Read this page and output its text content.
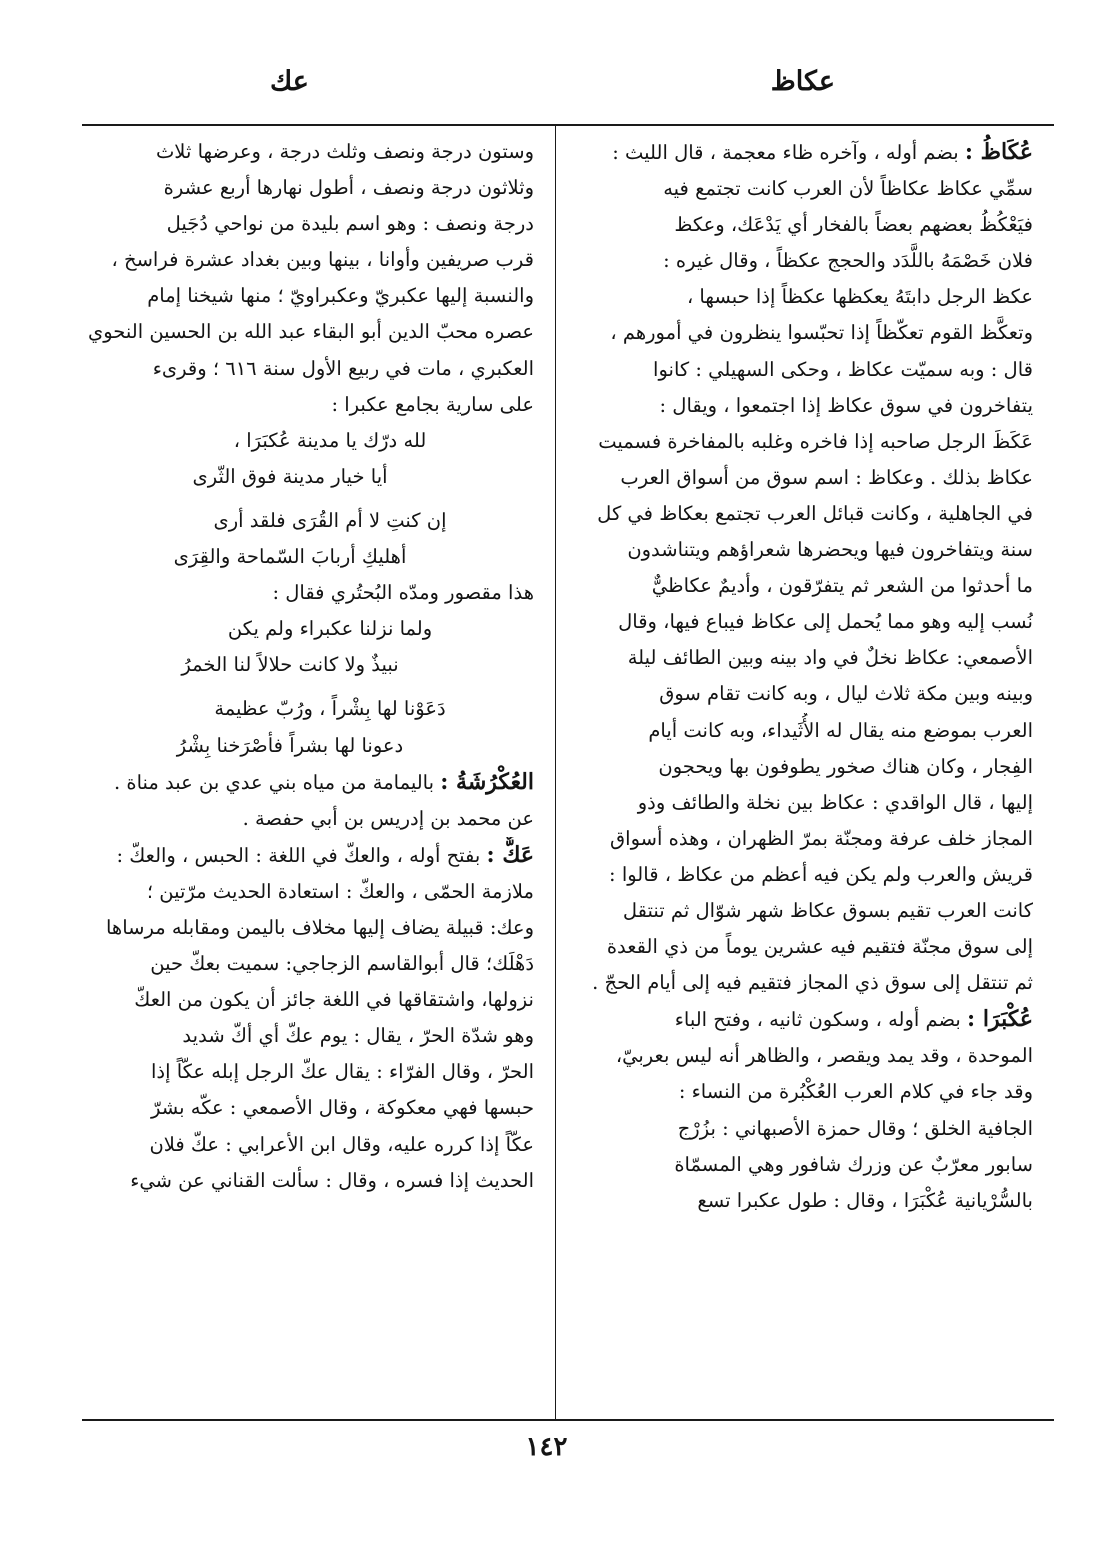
عكاظ
عك
عُكَاظُ : بضم أوله ، وآخره ظاء معجمة ، قال الليث :
سمِّي عكاظ عكاظاً لأن العرب كانت تجتمع فيه
فيَعْكُظُ بعضهم بعضاً بالفخار أي يَدْعَك، وعكظ
فلان خَصْمَهُ باللَّدَد والحجج عكظاً ، وقال غيره :
عكظ الرجل دابتَهُ يعكظها عكظاً إذا حبسها ،
وتعكَّظ القوم تعكّظاً إذا تحبّسوا ينظرون في أمورهم ،
قال : وبه سميّت عكاظ ، وحكى السهيلي : كانوا
يتفاخرون في سوق عكاظ إذا اجتمعوا ، ويقال :
عَكَظَ الرجل صاحبه إذا فاخره وغلبه بالمفاخرة فسميت
عكاظ بذلك . وعكاظ : اسم سوق من أسواق العرب
في الجاهلية ، وكانت قبائل العرب تجتمع بعكاظ في كل
سنة ويتفاخرون فيها ويحضرها شعراؤهم ويتناشدون
ما أحدثوا من الشعر ثم يتفرّقون ، وأديمٌ عكاظيٌّ
نُسب إليه وهو مما يُحمل إلى عكاظ فيباع فيها، وقال
الأصمعي: عكاظ نخلٌ في واد بينه وبين الطائف ليلة
وبينه وبين مكة ثلاث ليال ، وبه كانت تقام سوق
العرب بموضع منه يقال له الأُثَيداء، وبه كانت أيام
الفِجار ، وكان هناك صخور يطوفون بها ويحجون
إليها ، قال الواقدي : عكاظ بين نخلة والطائف وذو
المجاز خلف عرفة ومجنّة بمرّ الظهران ، وهذه أسواق
قريش والعرب ولم يكن فيه أعظم من عكاظ ، قالوا :
كانت العرب تقيم بسوق عكاظ شهر شوّال ثم تنتقل
إلى سوق مجنّة فتقيم فيه عشرين يوماً من ذي القعدة
ثم تنتقل إلى سوق ذي المجاز فتقيم فيه إلى أيام الحجّ .
عُكْبَرَا : بضم أوله ، وسكون ثانيه ، وفتح الباء
الموحدة ، وقد يمد ويقصر ، والظاهر أنه ليس بعربيّ،
وقد جاء في كلام العرب العُكْبُرة من النساء :
الجافية الخلق ؛ وقال حمزة الأصبهاني : بزُرْج
سابور معرّبٌ عن وزرك شافور وهي المسمّاة
بالسُّرْيانية عُكْبَرَا ، وقال : طول عكبرا تسع
وستون درجة ونصف وثلث درجة ، وعرضها ثلاث
وثلاثون درجة ونصف ، أطول نهارها أربع عشرة
درجة ونصف : وهو اسم بليدة من نواحي دُجَيل
قرب صريفين وأوانا ، بينها وبين بغداد عشرة فراسخ ،
والنسبة إليها عكبريّ وعكبراويّ ؛ منها شيخنا إمام
عصره محبّ الدين أبو البقاء عبد الله بن الحسين النحوي
العكبري ، مات في ربيع الأول سنة ٦١٦ ؛ وقرىء
على سارية بجامع عكبرا :
لله درّك يا مدينة عُكبَرَا ،
أيا خيار مدينة فوق الثّرى
إن كنتِ لا أم القُرَى فلقد أرى
أهليكِ أربابَ السّماحة والقِرَى
هذا مقصور ومدّه البُحتُري فقال :
ولما نزلنا عكبراء ولم يكن
نبيذٌ ولا كانت حلالاً لنا الخمرُ
دَعَوْنا لها بِشْراً ، ورُبّ عظيمة
دعونا لها بشراً فأصْرَخنا بِشْرُ
العُكْرُشَةُ : باليمامة من مياه بني عدي بن عبد مناة .
عن محمد بن إدريس بن أبي حفصة .
عَكٌّ : بفتح أوله ، والعكّ في اللغة : الحبس ، والعكّ :
ملازمة الحمّى ، والعكّ : استعادة الحديث مرّتين ؛
وعك: قبيلة يضاف إليها مخلاف باليمن ومقابله مرساها
دَهْلَك؛ قال أبوالقاسم الزجاجي: سميت بعكّ حين
نزولها، واشتقاقها في اللغة جائز أن يكون من العكّ
وهو شدّة الحرّ ، يقال : يوم عكّ أي أكّ شديد
الحرّ ، وقال الفرّاء : يقال عكّ الرجل إبله عكّاً إذا
حبسها فهي معكوكة ، وقال الأصمعي : عكّه بشرّ
عكّاً إذا كرره عليه، وقال ابن الأعرابي : عكّ فلان
الحديث إذا فسره ، وقال : سألت القناني عن شيء
١٤٢
